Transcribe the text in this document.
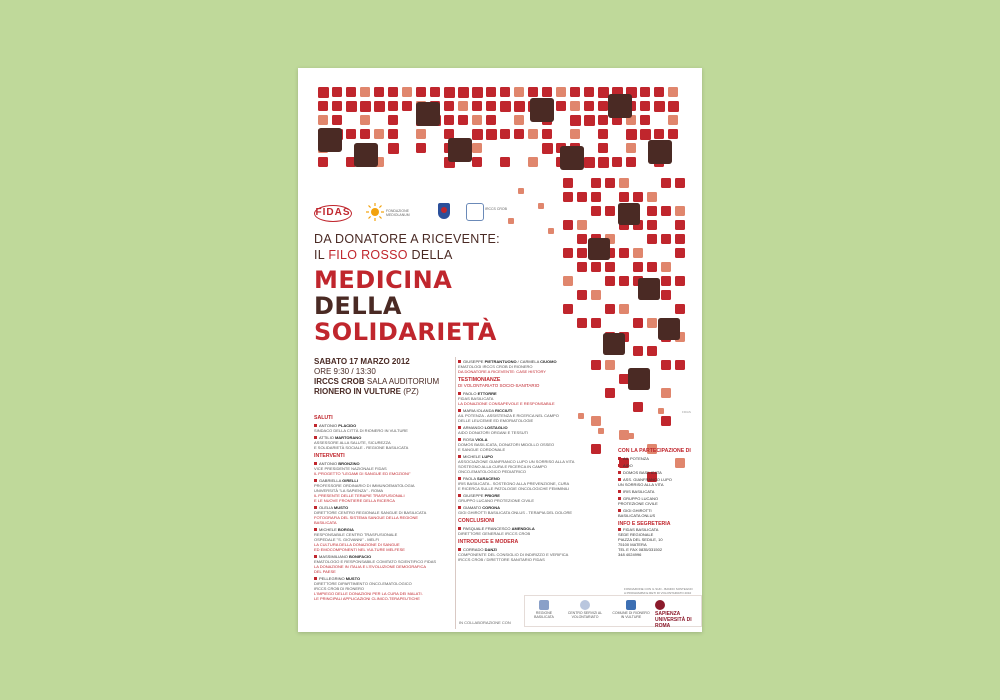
FIDAS	FONDAZIONE MEDIOLANUM
IRCCS CROB
DA DONATORE A RICEVENTE:
IL FILO ROSSO DELLA
MEDICINA
DELLA
SOLIDARIETÀ
SABATO 17 MARZO 2012
ORE 9:30 / 13:30
IRCCS CROB SALA AUDITORIUM
RIONERO IN VULTURE (PZ)
SALUTI
ANTONIO PLACIDO
SINDACO DELLA CITTÀ DI RIONERO IN VULTURE
ATTILIO MARTORANO
ASSESSORE ALLA SALUTE, SICUREZZA
E SOLIDARIETÀ SOCIALE - REGIONE BASILICATA
INTERVENTI
ANTONIO BRONZINO
VICE PRESIDENTE NAZIONALE FIDAS
IL PROGETTO "LEGAMI DI SANGUE ED EMOZIONI"
GABRIELLA GIRELLI
PROFESSORE ORDINARIO DI IMMUNOEMATOLOGIA
UNIVERSITÀ "LA SAPIENZA" - ROMA
IL PRESENTE DELLE TERAPIE TRASFUSIONALI
E LE NUOVE FRONTIERE DELLA RICERCA
OLELIA MUSTO
DIRETTORE CENTRO REGIONALE SANGUE DI BASILICATA
FOTOGRAFIA DEL SISTEMA SANGUE DELLA REGIONE
BASILICATA
MICHELE BORGIA
RESPONSABILE CENTRO TRASFUSIONALE
OSPEDALE "S. GIOVANNI" - MELFI
LA CULTURA DELLA DONAZIONE DI SANGUE
ED EMOCOMPONENTI NEL VULTURE MELFESE
MASSIMILIANO BONIFACIO
EMATOLOGO E RESPONSABILE COMITATO SCIENTIFICO FIDAS
LA DONAZIONE IN ITALIA E L'EVOLUZIONE DEMOGRAFICA
DEL PAESE
PELLEGRINO MUSTO
DIRETTORE DIPARTIMENTO ONCO-EMATOLOGICO
IRCCS CROB DI RIONERO
L'IMPIEGO DELLE DONAZIONI PER LA CURA DEI MALATI.
LE PRINCIPALI APPLICAZIONI CLINICO-TERAPEUTICHE
GIUSEPPE PIETRANTUONO / CARMELA CIUOMO
EMATOLOGI IRCCS CROB DI RIONERO
DA DONATORE A RICEVENTE: CASE HISTORY
TESTIMONIANZE
DI VOLONTARIATO SOCIO-SANITARIO
PAOLO ETTORRE
FIDAS BASILICATA
LA DONAZIONE CONSAPEVOLE E RESPONSABILE
MARIA IOLANDA RICCIUTI
AIL POTENZA - ASSISTENZA E RICERCA NEL CAMPO
DELLE LEUCEMIE ED EMORIATOLOGIE
ARMANDO LOSTAGLIO
AIDO DONATORI ORGANI E TESSUTI
ROSA VIOLA
DOMOS BASILICATA, DONATORI MIDOLLO OSSEO
E SANGUE CORDONALE
MICHELE LUPO
ASSOCIAZIONE GIANFRANCO LUPO UN SORRISO ALLA VITA
SOSTEGNO ALLA CURA E RICERCA IN CAMPO
ONCO-EMATOLOGICO PEDIATRICO
PAOLA SARACENO
IRIS BASILICATA - SOSTEGNO ALLA PREVENZIONE, CURA
E RICERCA SULLE PATOLOGIE ONCOLOGICHE FEMMINILI
GIUSEPPE PRIORE
GRUPPO LUCANO PROTEZIONE CIVILE
GIAMATO CORONA
GIGI GHIROTTI BASILICATA ONLUS - TERAPIA DEL DOLORE
CONCLUSIONI
PASQUALE FRANCESCO AMENDOLA
DIRETTORE GENERALE IRCCS CROB
INTRODUCE E MODERA
CORRADO DANZI
COMPONENTE DEL CONSIGLIO DI INDIRIZZO E VERIFICA
IRCCS CROB / DIRETTORE SANITARIO FIDAS
CON LA PARTECIPAZIONE DI
AIL POTENZA
AIDO
DOMOS BASILICATA
ASS. GIANFRANCO LUPO
UN SORRISO ALLA VITA
IRIS BASILICATA
GRUPPO LUCANO
PROTEZIONE CIVILE
GIGI GHIROTTI
BASILICATA ONLUS
INFO E SEGRETERIA
FIDAS BASILICATA
SEDE REGIONALE
PIAZZA DEL SEDILE, 10
75100 MATERA
TEL E FAX 0835/331502
348 4024996
FIDAS
FONDAZIONE CON IL SUD - BANDO SOSTEGNO
A PROGRAMMI E RETI DI VOLONTARIATO 2010
IN COLLABORAZIONE CON
REGIONE BASILICATA
CENTRO SERVIZI AL VOLONTARIATO
COMUNE DI RIONERO IN VULTURE	SAPIENZA UNIVERSITÀ DI ROMA
